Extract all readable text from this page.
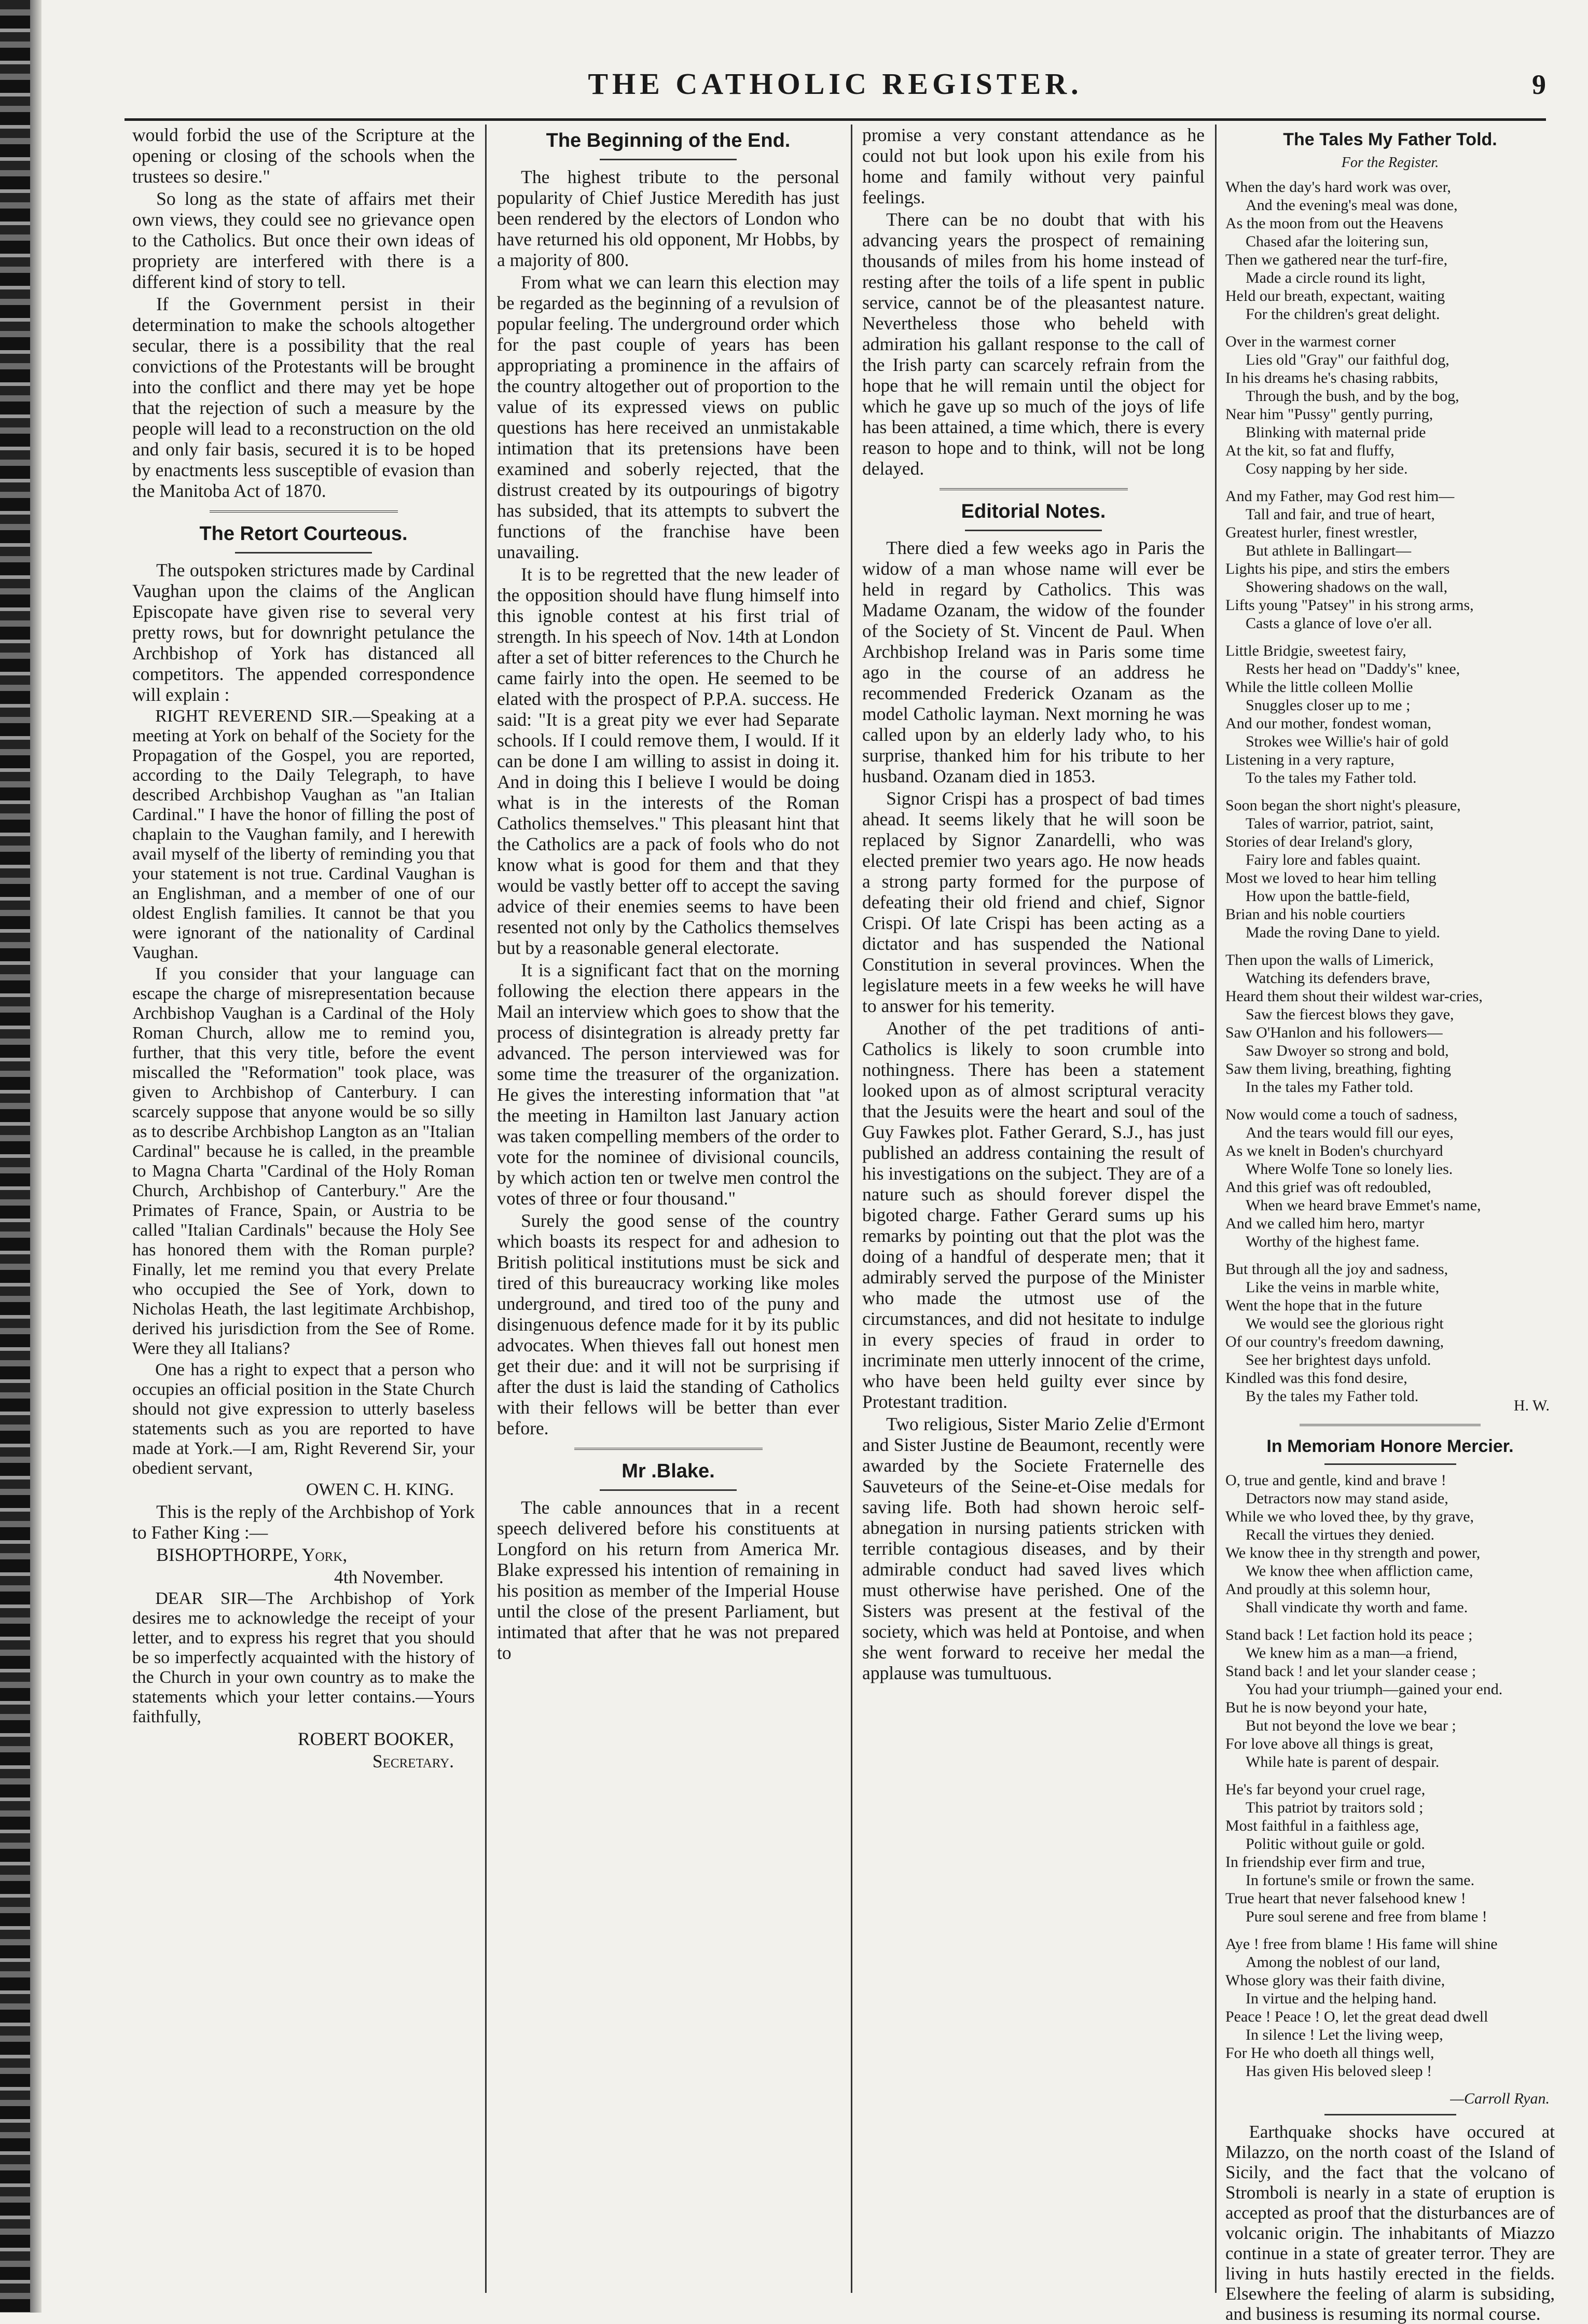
THE CATHOLIC REGISTER.	9

would forbid the use of the Scripture at the opening or closing of the schools when the trustees so desire."

So long as the state of affairs met their own views, they could see no grievance open to the Catholics. But once their own ideas of propriety are interfered with there is a different kind of story to tell.

If the Government persist in their determination to make the schools altogether secular, there is a possibility that the real convictions of the Protestants will be brought into the conflict and there may yet be hope that the rejection of such a measure by the people will lead to a reconstruction on the old and only fair basis, secured it is to be hoped by enactments less susceptible of evasion than the Manitoba Act of 1870.

The Retort Courteous.

The outspoken strictures made by Cardinal Vaughan upon the claims of the Anglican Episcopate have given rise to several very pretty rows, but for downright petulance the Archbishop of York has distanced all competitors. The appended correspondence will explain :

RIGHT REVEREND SIR.—Speaking at a meeting at York on behalf of the Society for the Propagation of the Gospel, you are reported, according to the Daily Telegraph, to have described Archbishop Vaughan as "an Italian Cardinal." I have the honor of filling the post of chaplain to the Vaughan family, and I herewith avail myself of the liberty of reminding you that your statement is not true. Cardinal Vaughan is an Englishman, and a member of one of our oldest English families. It cannot be that you were ignorant of the nationality of Cardinal Vaughan.

If you consider that your language can escape the charge of misrepresentation because Archbishop Vaughan is a Cardinal of the Holy Roman Church, allow me to remind you, further, that this very title, before the event miscalled the "Reformation" took place, was given to Archbishop of Canterbury. I can scarcely suppose that anyone would be so silly as to describe Archbishop Langton as an "Italian Cardinal" because he is called, in the preamble to Magna Charta "Cardinal of the Holy Roman Church, Archbishop of Canterbury." Are the Primates of France, Spain, or Austria to be called "Italian Cardinals" because the Holy See has honored them with the Roman purple? Finally, let me remind you that every Prelate who occupied the See of York, down to Nicholas Heath, the last legitimate Archbishop, derived his jurisdiction from the See of Rome. Were they all Italians?

One has a right to expect that a person who occupies an official position in the State Church should not give expression to utterly baseless statements such as you are reported to have made at York.—I am, Right Reverend Sir, your obedient servant,

OWEN C. H. KING.

This is the reply of the Archbishop of York to Father King :—

BISHOPTHORPE, York,

4th November.

DEAR SIR—The Archbishop of York desires me to acknowledge the receipt of your letter, and to express his regret that you should be so imperfectly acquainted with the history of the Church in your own country as to make the statements which your letter contains.—Yours faithfully,

ROBERT BOOKER,

Secretary.

The Beginning of the End.

The highest tribute to the personal popularity of Chief Justice Meredith has just been rendered by the electors of London who have returned his old opponent, Mr Hobbs, by a majority of 800.

From what we can learn this election may be regarded as the beginning of a revulsion of popular feeling. The underground order which for the past couple of years has been appropriating a prominence in the affairs of the country altogether out of proportion to the value of its expressed views on public questions has here received an unmistakable intimation that its pretensions have been examined and soberly rejected, that the distrust created by its outpourings of bigotry has subsided, that its attempts to subvert the functions of the franchise have been unavailing.

It is to be regretted that the new leader of the opposition should have flung himself into this ignoble contest at his first trial of strength. In his speech of Nov. 14th at London after a set of bitter references to the Church he came fairly into the open. He seemed to be elated with the prospect of P.P.A. success. He said: "It is a great pity we ever had Separate schools. If I could remove them, I would. If it can be done I am willing to assist in doing it. And in doing this I believe I would be doing what is in the interests of the Roman Catholics themselves." This pleasant hint that the Catholics are a pack of fools who do not know what is good for them and that they would be vastly better off to accept the saving advice of their enemies seems to have been resented not only by the Catholics themselves but by a reasonable general electorate.

It is a significant fact that on the morning following the election there appears in the Mail an interview which goes to show that the process of disintegration is already pretty far advanced. The person interviewed was for some time the treasurer of the organization. He gives the interesting information that "at the meeting in Hamilton last January action was taken compelling members of the order to vote for the nominee of divisional councils, by which action ten or twelve men control the votes of three or four thousand."

Surely the good sense of the country which boasts its respect for and adhesion to British political institutions must be sick and tired of this bureaucracy working like moles underground, and tired too of the puny and disingenuous defence made for it by its public advocates. When thieves fall out honest men get their due: and it will not be surprising if after the dust is laid the standing of Catholics with their fellows will be better than ever before.

Mr .Blake.

The cable announces that in a recent speech delivered before his constituents at Longford on his return from America Mr. Blake expressed his intention of remaining in his position as member of the Imperial House until the close of the present Parliament, but intimated that after that he was not prepared to

promise a very constant attendance as he could not but look upon his exile from his home and family without very painful feelings.

There can be no doubt that with his advancing years the prospect of remaining thousands of miles from his home instead of resting after the toils of a life spent in public service, cannot be of the pleasantest nature. Nevertheless those who beheld with admiration his gallant response to the call of the Irish party can scarcely refrain from the hope that he will remain until the object for which he gave up so much of the joys of life has been attained, a time which, there is every reason to hope and to think, will not be long delayed.

Editorial Notes.

There died a few weeks ago in Paris the widow of a man whose name will ever be held in regard by Catholics. This was Madame Ozanam, the widow of the founder of the Society of St. Vincent de Paul. When Archbishop Ireland was in Paris some time ago in the course of an address he recommended Frederick Ozanam as the model Catholic layman. Next morning he was called upon by an elderly lady who, to his surprise, thanked him for his tribute to her husband. Ozanam died in 1853.

Signor Crispi has a prospect of bad times ahead. It seems likely that he will soon be replaced by Signor Zanardelli, who was elected premier two years ago. He now heads a strong party formed for the purpose of defeating their old friend and chief, Signor Crispi. Of late Crispi has been acting as a dictator and has suspended the National Constitution in several provinces. When the legislature meets in a few weeks he will have to answer for his temerity.

Another of the pet traditions of anti-Catholics is likely to soon crumble into nothingness. There has been a statement looked upon as of almost scriptural veracity that the Jesuits were the heart and soul of the Guy Fawkes plot. Father Gerard, S.J., has just published an address containing the result of his investigations on the subject. They are of a nature such as should forever dispel the bigoted charge. Father Gerard sums up his remarks by pointing out that the plot was the doing of a handful of desperate men; that it admirably served the purpose of the Minister who made the utmost use of the circumstances, and did not hesitate to indulge in every species of fraud in order to incriminate men utterly innocent of the crime, who have been held guilty ever since by Protestant tradition.

Two religious, Sister Mario Zelie d'Ermont and Sister Justine de Beaumont, recently were awarded by the Societe Fraternelle des Sauveteurs of the Seine-et-Oise medals for saving life. Both had shown heroic self-abnegation in nursing patients stricken with terrible contagious diseases, and by their admirable conduct had saved lives which must otherwise have perished. One of the Sisters was present at the festival of the society, which was held at Pontoise, and when she went forward to receive her medal the applause was tumultuous.

The Tales My Father Told.
For the Register.
When the day's hard work was over,
And the evening's meal was done,
As the moon from out the Heavens
Chased afar the loitering sun,
Then we gathered near the turf-fire,
Made a circle round its light,
Held our breath, expectant, waiting
For the children's great delight.
Over in the warmest corner
Lies old "Gray" our faithful dog,
In his dreams he's chasing rabbits,
Through the bush, and by the bog,
Near him "Pussy" gently purring,
Blinking with maternal pride
At the kit, so fat and fluffy,
Cosy napping by her side.
And my Father, may God rest him—
Tall and fair, and true of heart,
Greatest hurler, finest wrestler,
But athlete in Ballingart—
Lights his pipe, and stirs the embers
Showering shadows on the wall,
Lifts young "Patsey" in his strong arms,
Casts a glance of love o'er all.
Little Bridgie, sweetest fairy,
Rests her head on "Daddy's" knee,
While the little colleen Mollie
Snuggles closer up to me ;
And our mother, fondest woman,
Strokes wee Willie's hair of gold
Listening in a very rapture,
To the tales my Father told.
Soon began the short night's pleasure,
Tales of warrior, patriot, saint,
Stories of dear Ireland's glory,
Fairy lore and fables quaint.
Most we loved to hear him telling
How upon the battle-field,
Brian and his noble courtiers
Made the roving Dane to yield.
Then upon the walls of Limerick,
Watching its defenders brave,
Heard them shout their wildest war-cries,
Saw the fiercest blows they gave,
Saw O'Hanlon and his followers—
Saw Dwoyer so strong and bold,
Saw them living, breathing, fighting
In the tales my Father told.
Now would come a touch of sadness,
And the tears would fill our eyes,
As we knelt in Boden's churchyard
Where Wolfe Tone so lonely lies.
And this grief was oft redoubled,
When we heard brave Emmet's name,
And we called him hero, martyr
Worthy of the highest fame.
But through all the joy and sadness,
Like the veins in marble white,
Went the hope that in the future
We would see the glorious right
Of our country's freedom dawning,
See her brightest days unfold.
Kindled was this fond desire,
By the tales my Father told.
H. W.
In Memoriam Honore Mercier.
O, true and gentle, kind and brave !
Detractors now may stand aside,
While we who loved thee, by thy grave,
Recall the virtues they denied.
We know thee in thy strength and power,
We know thee when affliction came,
And proudly at this solemn hour,
Shall vindicate thy worth and fame.
Stand back ! Let faction hold its peace ;
We knew him as a man—a friend,
Stand back ! and let your slander cease ;
You had your triumph—gained your end.
But he is now beyond your hate,
But not beyond the love we bear ;
For love above all things is great,
While hate is parent of despair.
He's far beyond your cruel rage,
This patriot by traitors sold ;
Most faithful in a faithless age,
Politic without guile or gold.
In friendship ever firm and true,
In fortune's smile or frown the same.
True heart that never falsehood knew !
Pure soul serene and free from blame !
Aye ! free from blame ! His fame will shine
Among the noblest of our land,
Whose glory was their faith divine,
In virtue and the helping hand.
Peace ! Peace ! O, let the great dead dwell
In silence ! Let the living weep,
For He who doeth all things well,
Has given His beloved sleep !
—Carroll Ryan.

Earthquake shocks have occured at Milazzo, on the north coast of the Island of Sicily, and the fact that the volcano of Stromboli is nearly in a state of eruption is accepted as proof that the disturbances are of volcanic origin. The inhabitants of Miazzo continue in a state of greater terror. They are living in huts hastily erected in the fields. Elsewhere the feeling of alarm is subsiding, and business is resuming its normal course.
